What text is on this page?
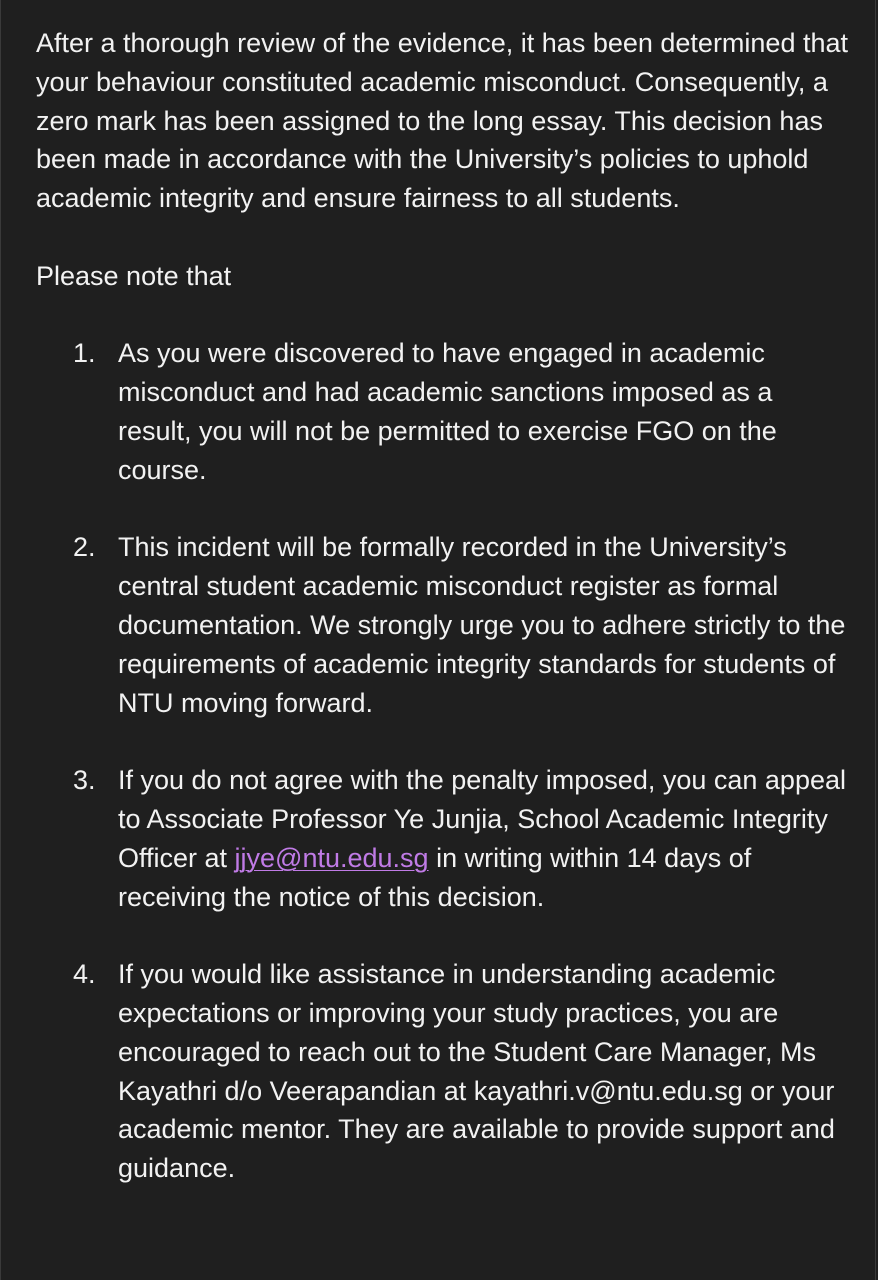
After a thorough review of the evidence, it has been determined that your behaviour constituted academic misconduct. Consequently, a zero mark has been assigned to the long essay. This decision has been made in accordance with the University’s policies to uphold academic integrity and ensure fairness to all students.

Please note that

1. As you were discovered to have engaged in academic misconduct and had academic sanctions imposed as a result, you will not be permitted to exercise FGO on the course.
2. This incident will be formally recorded in the University’s central student academic misconduct register as formal documentation. We strongly urge you to adhere strictly to the requirements of academic integrity standards for students of NTU moving forward.
3. If you do not agree with the penalty imposed, you can appeal to Associate Professor Ye Junjia, School Academic Integrity Officer at jjye@ntu.edu.sg in writing within 14 days of receiving the notice of this decision.
4. If you would like assistance in understanding academic expectations or improving your study practices, you are encouraged to reach out to the Student Care Manager, Ms Kayathri d/o Veerapandian at kayathri.v@ntu.edu.sg or your academic mentor. They are available to provide support and guidance.
